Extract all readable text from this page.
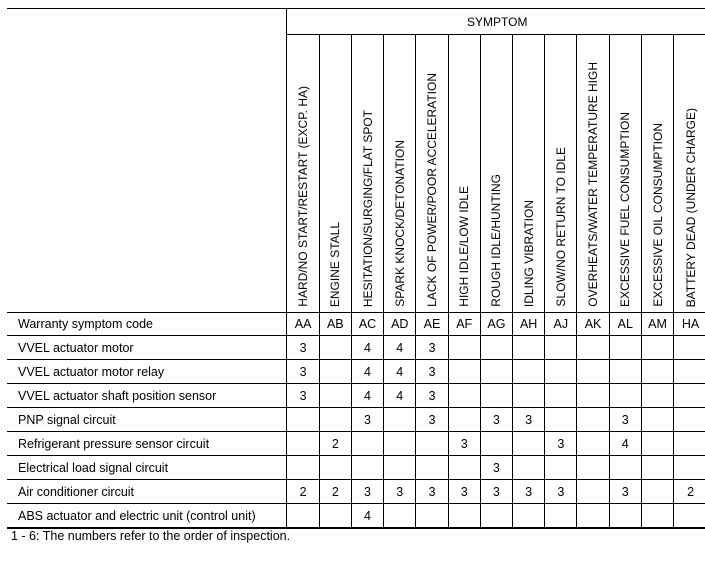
	SYMPTOM												
	HARD/NO START/RESTART (EXCP. HA)	ENGINE STALL	HESITATION/SURGING/FLAT SPOT	SPARK KNOCK/DETONATION	LACK OF POWER/POOR ACCELERATION	HIGH IDLE/LOW IDLE	ROUGH IDLE/HUNTING	IDLING VIBRATION	SLOW/NO RETURN TO IDLE	OVERHEATS/WATER TEMPERATURE HIGH	EXCESSIVE FUEL CONSUMPTION	EXCESSIVE OIL CONSUMPTION	BATTERY DEAD (UNDER CHARGE)
Warranty symptom code	AA	AB	AC	AD	AE	AF	AG	AH	AJ	AK	AL	AM	HA
VVEL actuator motor	3		4	4	3								
VVEL actuator motor relay	3		4	4	3								
VVEL actuator shaft position sensor	3		4	4	3								
PNP signal circuit			3		3		3	3			3		
Refrigerant pressure sensor circuit		2				3			3		4		
Electrical load signal circuit							3						
Air conditioner circuit	2	2	3	3	3	3	3	3	3		3		2
ABS actuator and electric unit (control unit)			4										
1 - 6: The numbers refer to the order of inspection.
